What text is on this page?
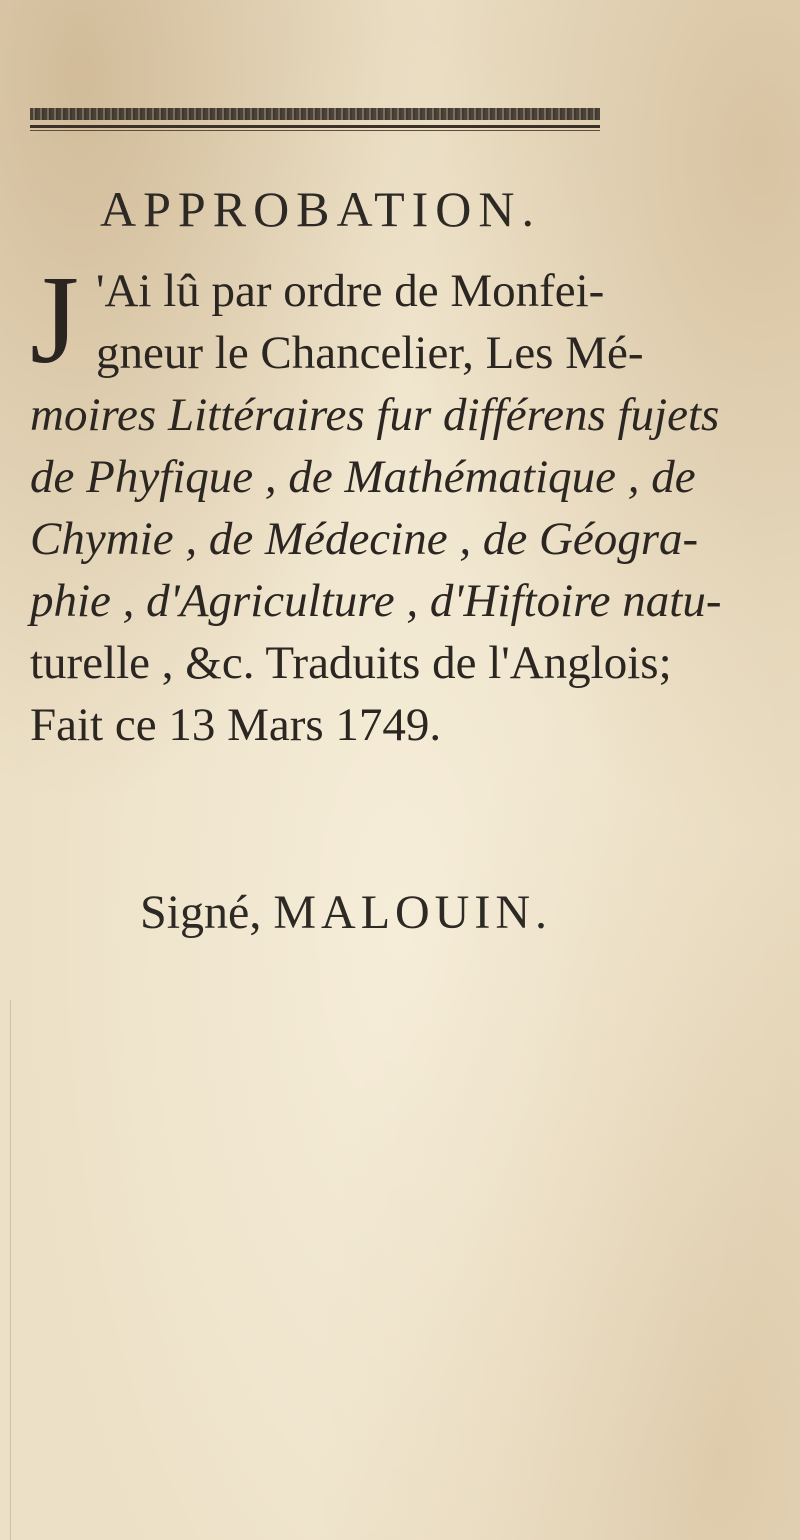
APPROBATION.
J 'Ai lû par ordre de Monfei-
gneur le Chancelier, Les Mé-
moires Littéraires fur différens fujets
de Phyfique , de Mathématique , de
Chymie , de Médecine , de Géogra-
phie , d'Agriculture , d'Hiftoire natu-
turelle , &c. Traduits de l'Anglois;
Fait ce 13 Mars 1749.
Signé, MALOUIN.
